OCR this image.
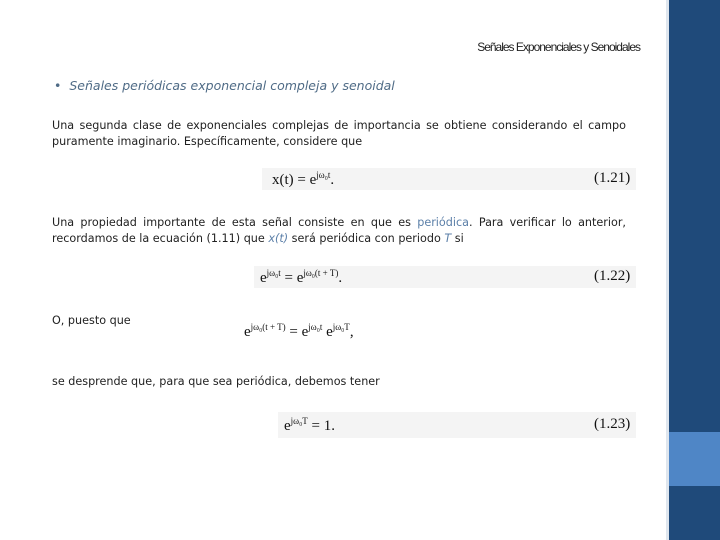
Señales Exponenciales y Senoidales
• Señales periódicas exponencial compleja y senoidal
Una segunda clase de exponenciales complejas de importancia se obtiene considerando el campo puramente imaginario. Específicamente, considere que
$x(t) = e^{j\omega_0t}$.	(1.21)
Una propiedad importante de esta señal consiste en que es periódica. Para verificar lo anterior, recordamos de la ecuación (1.11) que x(t) será periódica con periodo T si
$e^{j\omega_0t} = e^{j\omega_0(t + T)}$.	(1.22)
O, puesto que
$e^{j\omega_0(t + T)} = e^{j\omega_0t}$ $e^{j\omega_0T}$,
se desprende que, para que sea periódica, debemos tener
$e^{j\omega_0T} = 1$.	(1.23)
